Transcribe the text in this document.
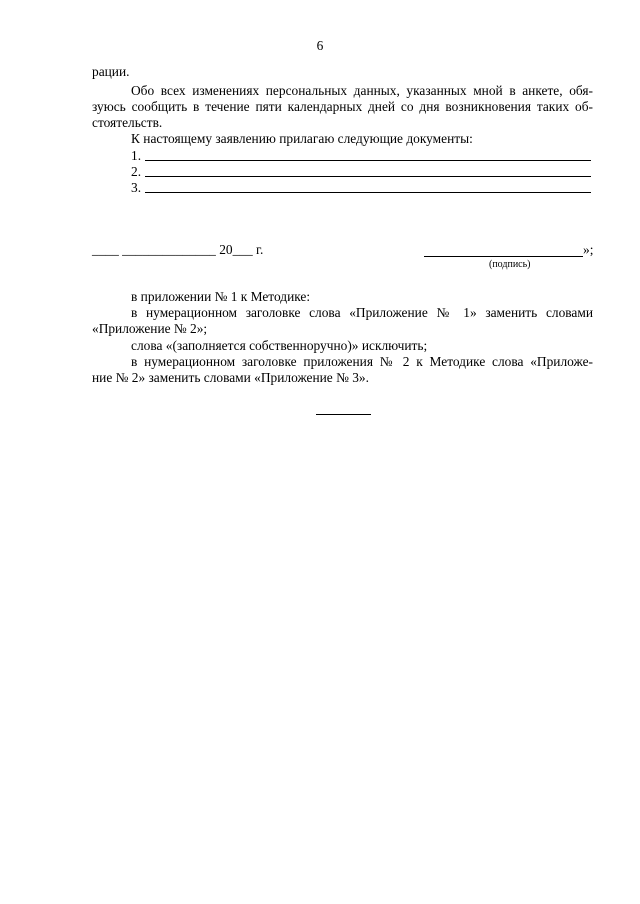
6
рации.
Обо всех изменениях персональных данных, указанных мной в анкете, обя-
зуюсь сообщить в течение пяти календарных дней со дня возникновения таких об-
стоятельств.
К настоящему заявлению прилагаю следующие документы:
1.
2.
3.
____ ______________ 20___ г.	»;
(подпись)
в приложении № 1 к Методике:
в нумерационном заголовке слова «Приложение № 1» заменить словами
«Приложение № 2»;
слова «(заполняется собственноручно)» исключить;
в нумерационном заголовке приложения № 2 к Методике слова «Приложе-
ние № 2» заменить словами «Приложение № 3».
